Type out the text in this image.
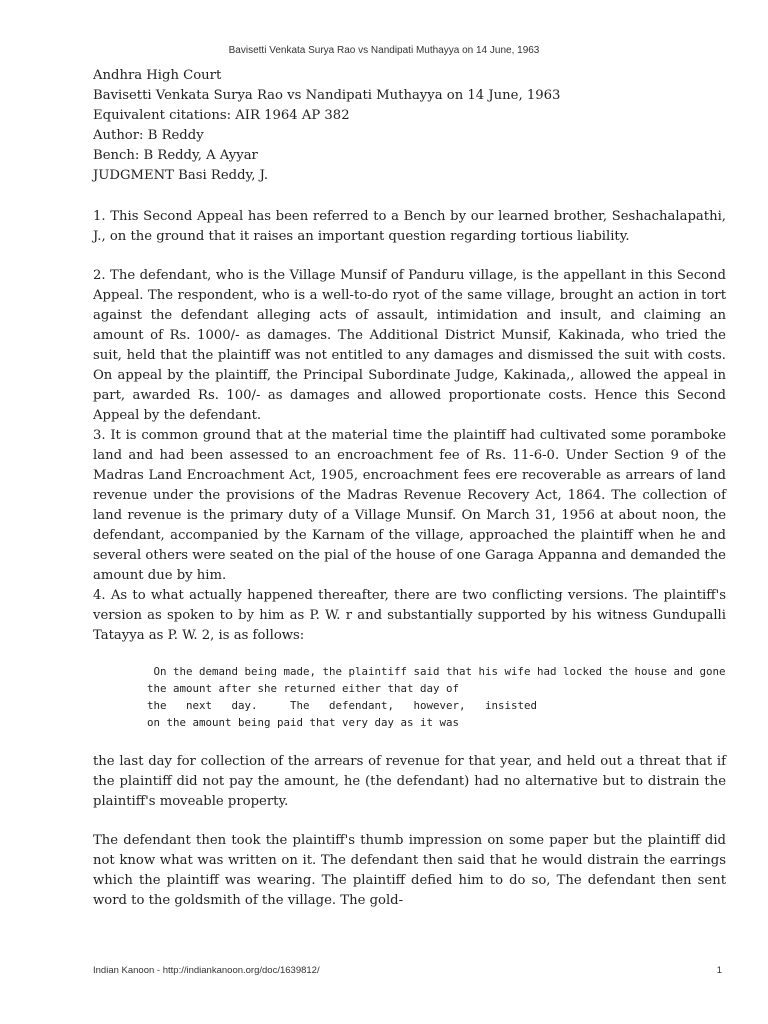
Bavisetti Venkata Surya Rao vs Nandipati Muthayya on 14 June, 1963
Andhra High Court
Bavisetti Venkata Surya Rao vs Nandipati Muthayya on 14 June, 1963
Equivalent citations: AIR 1964 AP 382
Author: B Reddy
Bench: B Reddy, A Ayyar
JUDGMENT Basi Reddy, J.

1. This Second Appeal has been referred to a Bench by our learned brother, Seshachalapathi, J., on the ground that it raises an important question regarding tortious liability.

2. The defendant, who is the Village Munsif of Panduru village, is the appellant in this Second Appeal. The respondent, who is a well-to-do ryot of the same village, brought an action in tort against the defendant alleging acts of assault, intimidation and insult, and claiming an amount of Rs. 1000/- as damages. The Additional District Munsif, Kakinada, who tried the suit, held that the plaintiff was not entitled to any damages and dismissed the suit with costs. On appeal by the plaintiff, the Principal Subordinate Judge, Kakinada,, allowed the appeal in part, awarded Rs. 100/- as damages and allowed proportionate costs. Hence this Second Appeal by the defendant.

3. It is common ground that at the material time the plaintiff had cultivated some poramboke land and had been assessed to an encroachment fee of Rs. 11-6-0. Under Section 9 of the Madras Land Encroachment Act, 1905, encroachment fees ere recoverable as arrears of land revenue under the provisions of the Madras Revenue Recovery Act, 1864. The collection of land revenue is the primary duty of a Village Munsif. On March 31, 1956 at about noon, the defendant, accompanied by the Karnam of the village, approached the plaintiff when he and several others were seated on the pial of the house of one Garaga Appanna and demanded the amount due by him.

4. As to what actually happened thereafter, there are two conflicting versions. The plaintiff's version as spoken to by him as P. W. r and substantially supported by his witness Gundupalli Tatayya as P. W. 2, is as follows:

On the demand being made, the plaintiff said that his wife had locked the house and gone
the amount after she returned either that day of
the   next   day.     The   defendant,   however,   insisted
on the amount being paid that very day as it was

the last day for collection of the arrears of revenue for that year, and held out a threat that if the plaintiff did not pay the amount, he (the defendant) had no alternative but to distrain the plaintiff's moveable property.

The defendant then took the plaintiff's thumb impression on some paper but the plaintiff did not know what was written on it. The defendant then said that he would distrain the earrings which the plaintiff was wearing. The plaintiff defied him to do so, The defendant then sent word to the goldsmith of the village. The gold-

Indian Kanoon - http://indiankanoon.org/doc/1639812/	1
